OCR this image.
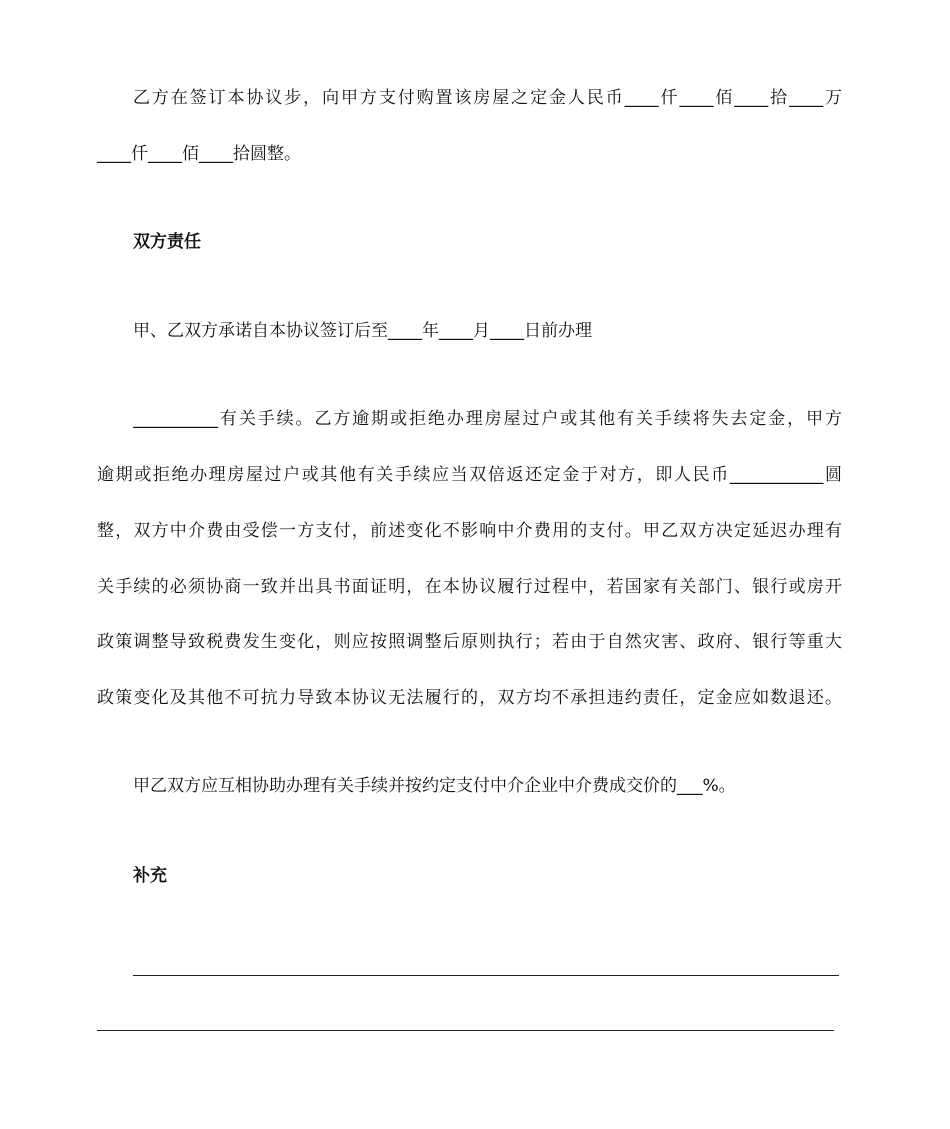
乙方在签订本协议步，向甲方支付购置该房屋之定金人民币____仟____佰____拾____万
____仟____佰____拾圆整。
双方责任
甲、乙双方承诺自本协议签订后至____年____月____日前办理
__________有关手续。乙方逾期或拒绝办理房屋过户或其他有关手续将失去定金，甲方
逾期或拒绝办理房屋过户或其他有关手续应当双倍返还定金于对方，即人民币___________圆
整，双方中介费由受偿一方支付，前述变化不影响中介费用的支付。甲乙双方决定延迟办理有
关手续的必须协商一致并出具书面证明，在本协议履行过程中，若国家有关部门、银行或房开
政策调整导致税费发生变化，则应按照调整后原则执行；若由于自然灾害、政府、银行等重大
政策变化及其他不可抗力导致本协议无法履行的，双方均不承担违约责任，定金应如数退还。
甲乙双方应互相协助办理有关手续并按约定支付中介企业中介费成交价的___%。
补充
